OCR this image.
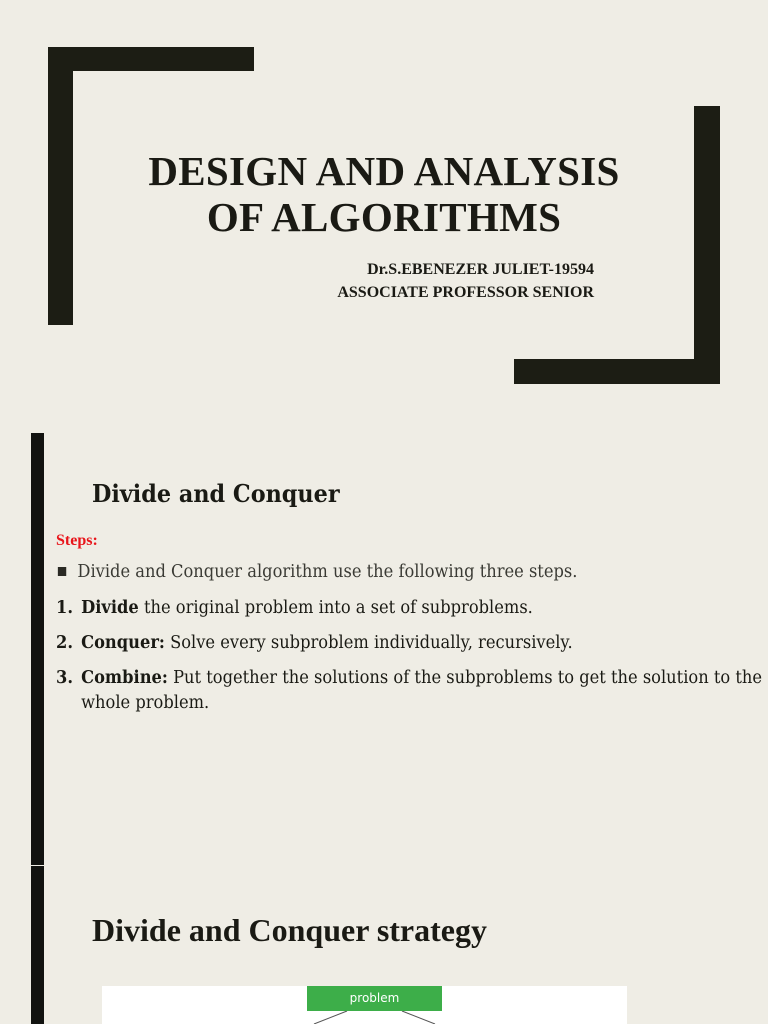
DESIGN AND ANALYSIS
OF ALGORITHMS
Dr.S.EBENEZER JULIET-19594
ASSOCIATE PROFESSOR SENIOR
Divide and Conquer
Steps:
Divide and Conquer algorithm use the following three steps.
1. Divide the original problem into a set of subproblems.
2. Conquer: Solve every subproblem individually, recursively.
3. Combine: Put together the solutions of the subproblems to get the solution to the whole problem.
Divide and Conquer strategy
problem
